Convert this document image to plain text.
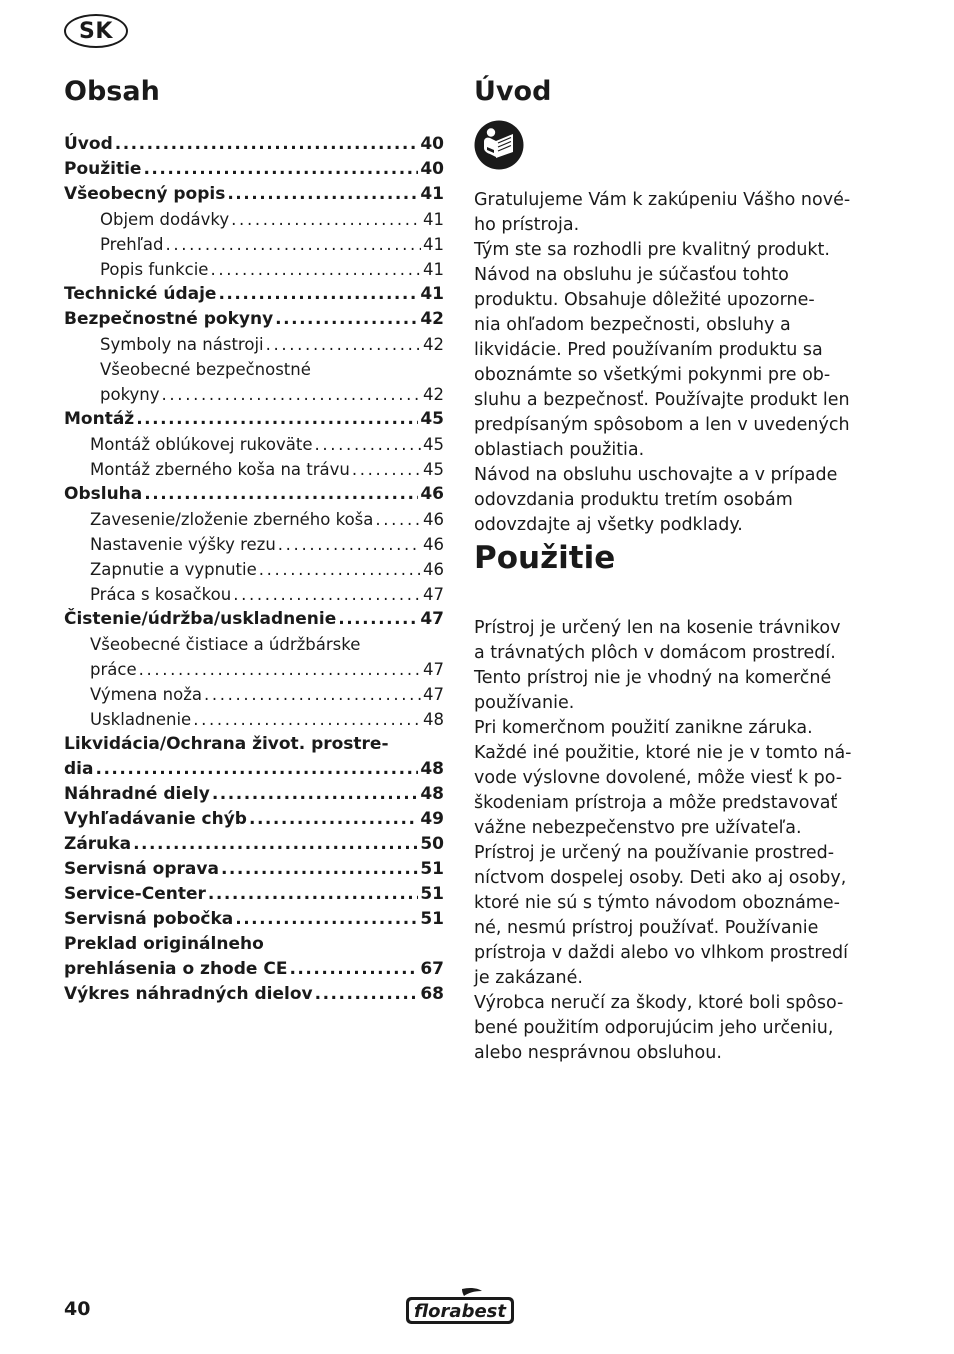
SK
Obsah
Úvod . . .	40
Použitie . . .	40
Všeobecný popis . . .	41
Objem dodávky . . .	41
Prehľad . . .	41
Popis funkcie . . .	41
Technické údaje . . .	41
Bezpečnostné pokyny . . .	42
Symboly na nástroji . . .	42
Všeobecné bezpečnostné
pokyny . . .	42
Montáž . . .	45
Montáž oblúkovej rukoväte . . .	45
Montáž zberného koša na trávu . . .	45
Obsluha . . .	46
Zavesenie/zloženie zberného koša . . .	46
Nastavenie výšky rezu . . .	46
Zapnutie a vypnutie . . .	46
Práca s kosačkou . . .	47
Čistenie/údržba/uskladnenie . . .	47
Všeobecné čistiace a údržbárske
práce . . .	47
Výmena noža . . .	47
Uskladnenie . . .	48
Likvidácia/Ochrana život. prostre-
dia . . .	48
Náhradné diely . . .	48
Vyhľadávanie chýb . . .	49
Záruka . . .	50
Servisná oprava . . .	51
Service-Center . . .	51
Servisná pobočka . . .	51
Preklad originálneho
prehlásenia o zhode CE . . .	67
Výkres náhradných dielov . . .	68
Úvod
Gratulujeme Vám k zakúpeniu Vášho nové-
ho prístroja.
Tým ste sa rozhodli pre kvalitný produkt.
Návod na obsluhu je súčasťou tohto
produktu. Obsahuje dôležité upozorne-
nia ohľadom bezpečnosti, obsluhy a
likvidácie. Pred používaním produktu sa
oboznámte so všetkými pokynmi pre ob-
sluhu a bezpečnosť. Používajte produkt len
predpísaným spôsobom a len v uvedených
oblastiach použitia.
Návod na obsluhu uschovajte a v prípade
odovzdania produktu tretím osobám
odovzdajte aj všetky podklady.
Použitie
Prístroj je určený len na kosenie trávnikov
a trávnatých plôch v domácom prostredí.
Tento prístroj nie je vhodný na komerčné
používanie.
Pri komerčnom použití zanikne záruka.
Každé iné použitie, ktoré nie je v tomto ná-
vode výslovne dovolené, môže viesť k po-
škodeniam prístroja a môže predstavovať
vážne nebezpečenstvo pre užívateľa.
Prístroj je určený na používanie prostred-
níctvom dospelej osoby. Deti ako aj osoby,
ktoré nie sú s týmto návodom oboznáme-
né, nesmú prístroj používať. Používanie
prístroja v daždi alebo vo vlhkom prostredí
je zakázané.
Výrobca neručí za škody, ktoré boli spôso-
bené použitím odporujúcim jeho určeniu,
alebo nesprávnou obsluhou.
40	florabest
